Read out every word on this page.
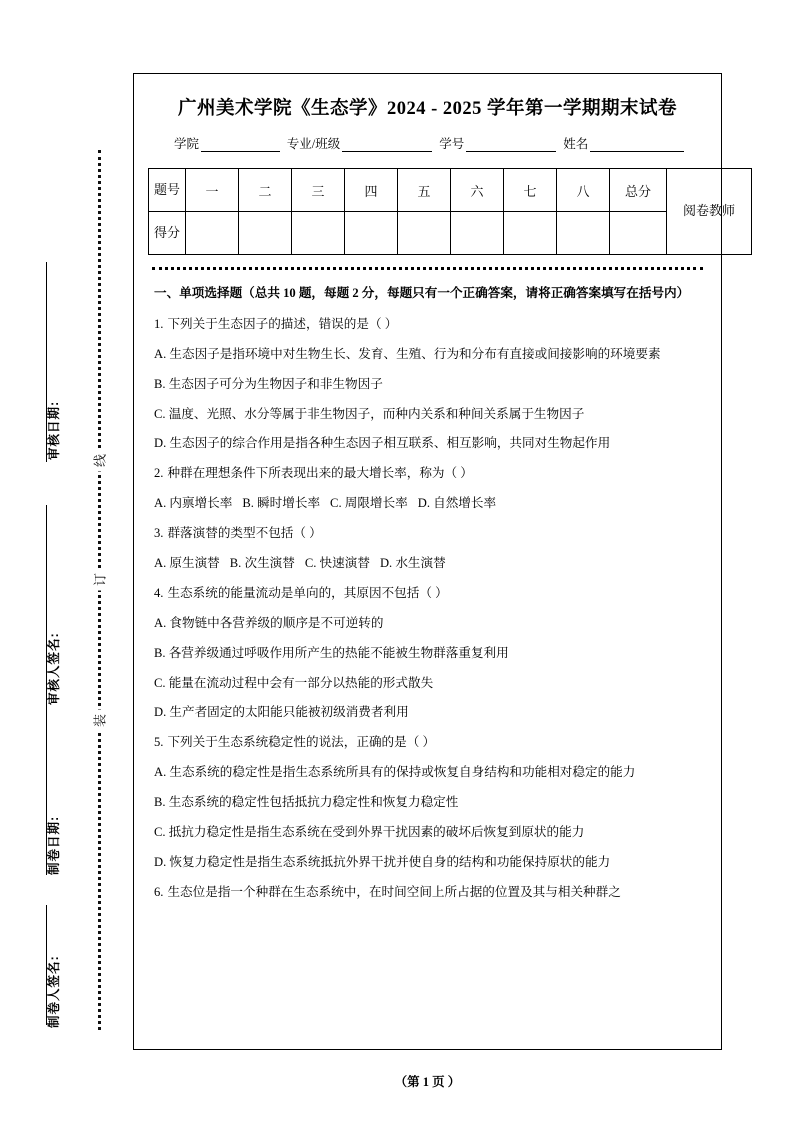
审核日期:
审核人签名:
制卷日期:
制卷人签名:
线
订
装
广州美术学院《生态学》2024 - 2025 学年第一学期期末试卷
学院	专业/班级	学号	姓名
题号	一	二	三	四	五	六	七	八	总分	阅卷教师
得分										
一、单项选择题（总共 10 题，每题 2 分，每题只有一个正确答案，请将正确答案填写在括号内）
1. 下列关于生态因子的描述，错误的是（ ）
A. 生态因子是指环境中对生物生长、发育、生殖、行为和分布有直接或间接影响的环境要素
B. 生态因子可分为生物因子和非生物因子
C. 温度、光照、水分等属于非生物因子，而种内关系和种间关系属于生物因子
D. 生态因子的综合作用是指各种生态因子相互联系、相互影响，共同对生物起作用
2. 种群在理想条件下所表现出来的最大增长率，称为（ ）
A. 内禀增长率 B. 瞬时增长率 C. 周限增长率 D. 自然增长率
3. 群落演替的类型不包括（ ）
A. 原生演替 B. 次生演替 C. 快速演替 D. 水生演替
4. 生态系统的能量流动是单向的，其原因不包括（ ）
A. 食物链中各营养级的顺序是不可逆转的
B. 各营养级通过呼吸作用所产生的热能不能被生物群落重复利用
C. 能量在流动过程中会有一部分以热能的形式散失
D. 生产者固定的太阳能只能被初级消费者利用
5. 下列关于生态系统稳定性的说法，正确的是（ ）
A. 生态系统的稳定性是指生态系统所具有的保持或恢复自身结构和功能相对稳定的能力
B. 生态系统的稳定性包括抵抗力稳定性和恢复力稳定性
C. 抵抗力稳定性是指生态系统在受到外界干扰因素的破坏后恢复到原状的能力
D. 恢复力稳定性是指生态系统抵抗外界干扰并使自身的结构和功能保持原状的能力
6. 生态位是指一个种群在生态系统中，在时间空间上所占据的位置及其与相关种群之
（第 1 页 ）
